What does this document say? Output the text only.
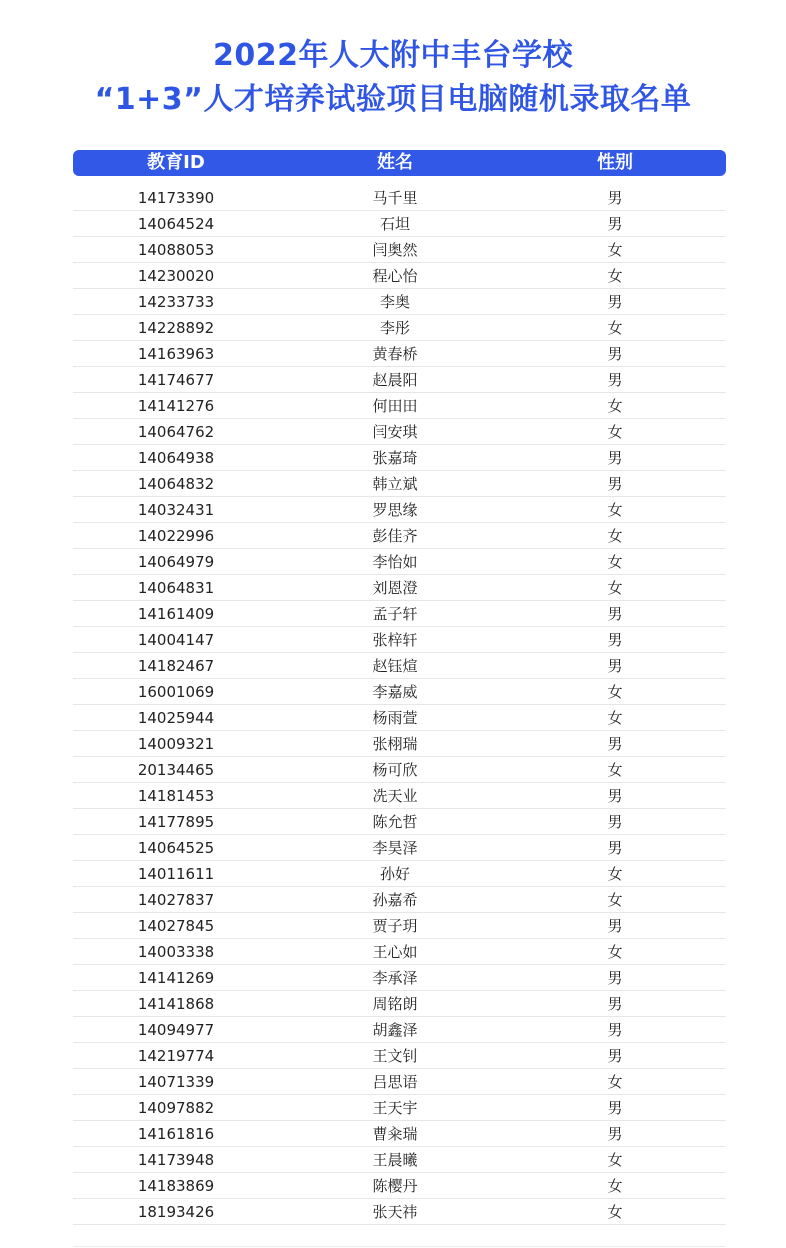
2022年人大附中丰台学校
“1+3”人才培养试验项目电脑随机录取名单
教育ID	姓名	性别
14173390	马千里	男
14064524	石坦	男
14088053	闫奥然	女
14230020	程心怡	女
14233733	李奥	男
14228892	李彤	女
14163963	黄春桥	男
14174677	赵晨阳	男
14141276	何田田	女
14064762	闫安琪	女
14064938	张嘉琦	男
14064832	韩立斌	男
14032431	罗思缘	女
14022996	彭佳齐	女
14064979	李怡如	女
14064831	刘恩澄	女
14161409	孟子轩	男
14004147	张梓轩	男
14182467	赵钰煊	男
16001069	李嘉威	女
14025944	杨雨萱	女
14009321	张栩瑞	男
20134465	杨可欣	女
14181453	冼天业	男
14177895	陈允哲	男
14064525	李昊泽	男
14011611	孙好	女
14027837	孙嘉希	女
14027845	贾子玥	男
14003338	王心如	女
14141269	李承泽	男
14141868	周铭朗	男
14094977	胡鑫泽	男
14219774	王文钊	男
14071339	吕思语	女
14097882	王天宇	男
14161816	曹籴瑞	男
14173948	王晨曦	女
14183869	陈樱丹	女
18193426	张天祎	女
